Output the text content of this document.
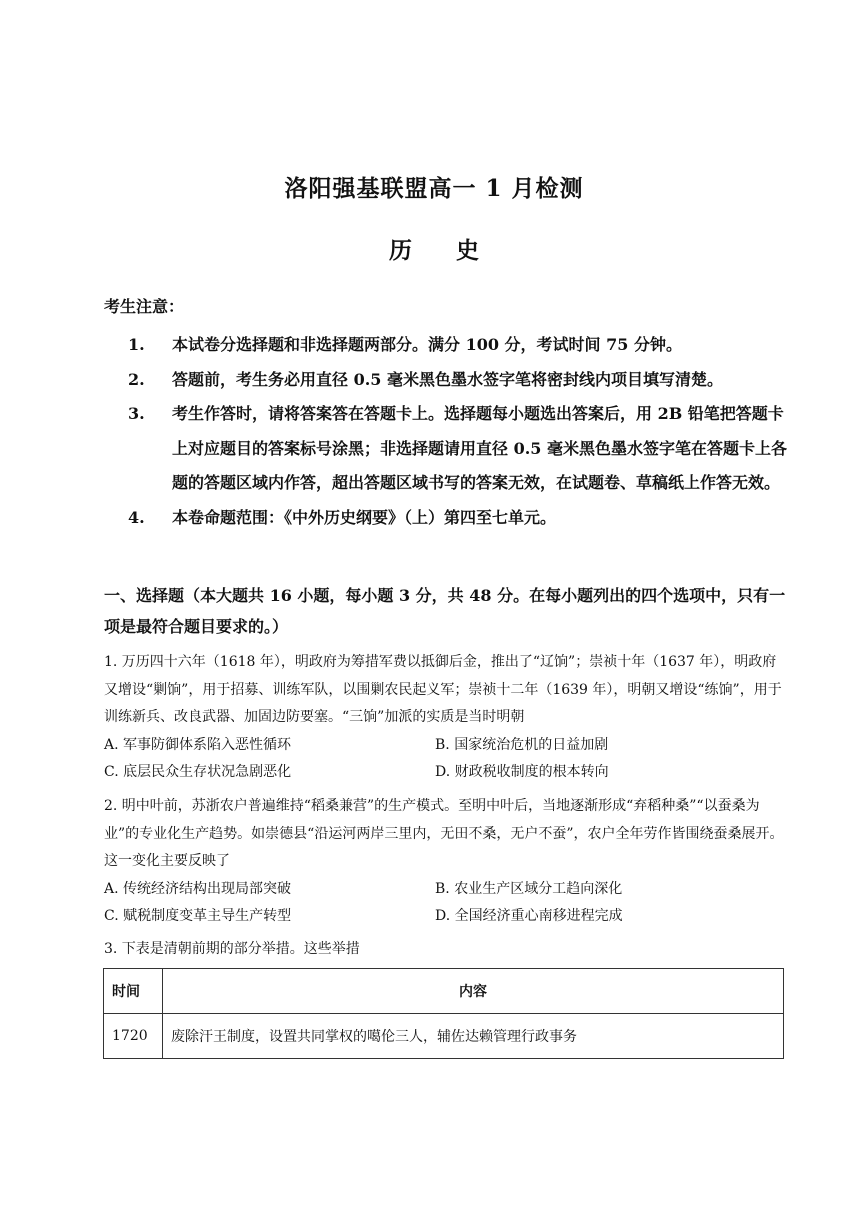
洛阳强基联盟高一 1 月检测
历 史
考生注意：
1.	本试卷分选择题和非选择题两部分。满分 100 分，考试时间 75 分钟。
2.	答题前，考生务必用直径 0.5 毫米黑色墨水签字笔将密封线内项目填写清楚。
3.	考生作答时，请将答案答在答题卡上。选择题每小题选出答案后，用 2B 铅笔把答题卡上对应题目的答案标号涂黑；非选择题请用直径 0.5 毫米黑色墨水签字笔在答题卡上各题的答题区域内作答，超出答题区域书写的答案无效，在试题卷、草稿纸上作答无效。
4.	本卷命题范围：《中外历史纲要》（上）第四至七单元。
一、选择题（本大题共 16 小题，每小题 3 分，共 48 分。在每小题列出的四个选项中，只有一项是最符合题目要求的。）
1. 万历四十六年（1618 年），明政府为筹措军费以抵御后金，推出了“辽饷”；崇祯十年（1637 年），明政府又增设“剿饷”，用于招募、训练军队，以围剿农民起义军；崇祯十二年（1639 年），明朝又增设“练饷”，用于训练新兵、改良武器、加固边防要塞。“三饷”加派的实质是当时明朝
A. 军事防御体系陷入恶性循环	B. 国家统治危机的日益加剧
C. 底层民众生存状况急剧恶化	D. 财政税收制度的根本转向
2. 明中叶前，苏浙农户普遍维持“稻桑兼营”的生产模式。至明中叶后，当地逐渐形成“弃稻种桑”“以蚕桑为业”的专业化生产趋势。如崇德县“沿运河两岸三里内，无田不桑，无户不蚕”，农户全年劳作皆围绕蚕桑展开。这一变化主要反映了
A. 传统经济结构出现局部突破	B. 农业生产区域分工趋向深化
C. 赋税制度变革主导生产转型	D. 全国经济重心南移进程完成
3. 下表是清朝前期的部分举措。这些举措
时间	内容
1720	废除汗王制度，设置共同掌权的噶伦三人，辅佐达赖管理行政事务
